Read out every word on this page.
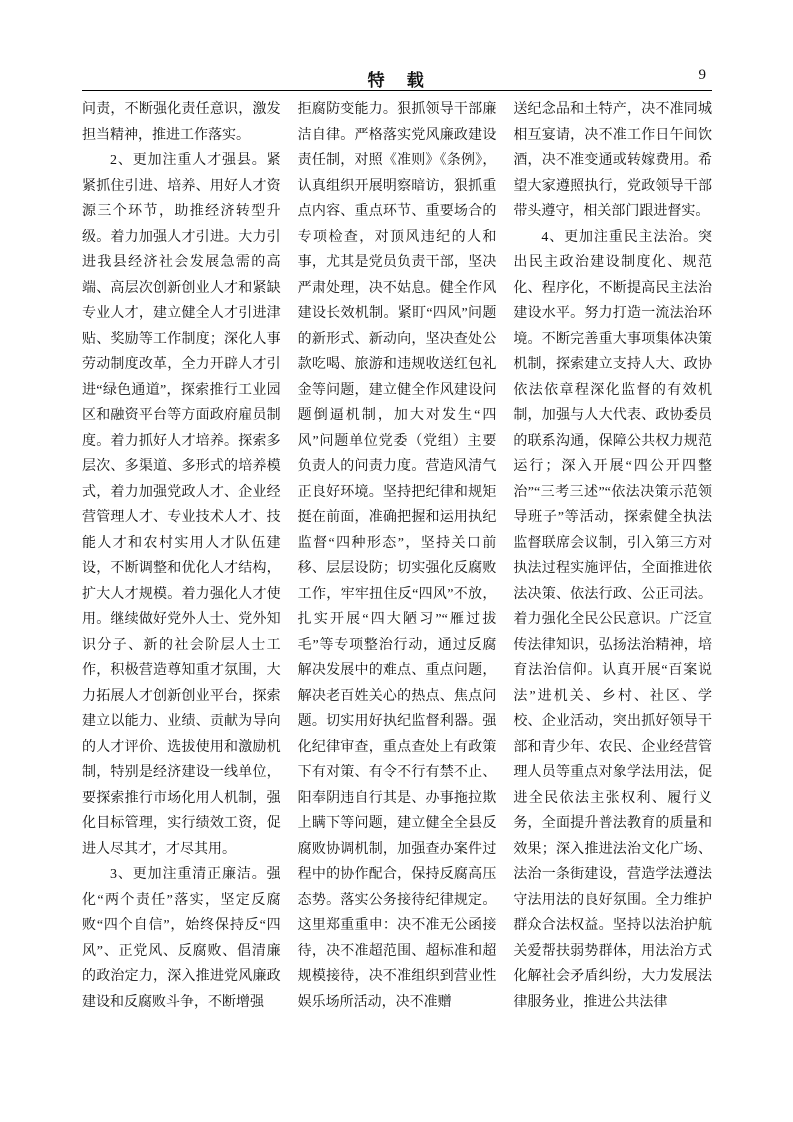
特　载	9

问责，不断强化责任意识，激发担当精神，推进工作落实。

2、更加注重人才强县。紧紧抓住引进、培养、用好人才资源三个环节，助推经济转型升级。着力加强人才引进。大力引进我县经济社会发展急需的高端、高层次创新创业人才和紧缺专业人才，建立健全人才引进津贴、奖励等工作制度；深化人事劳动制度改革，全力开辟人才引进“绿色通道”，探索推行工业园区和融资平台等方面政府雇员制度。着力抓好人才培养。探索多层次、多渠道、多形式的培养模式，着力加强党政人才、企业经营管理人才、专业技术人才、技能人才和农村实用人才队伍建设，不断调整和优化人才结构，扩大人才规模。着力强化人才使用。继续做好党外人士、党外知识分子、新的社会阶层人士工作，积极营造尊知重才氛围，大力拓展人才创新创业平台，探索建立以能力、业绩、贡献为导向的人才评价、选拔使用和激励机制，特别是经济建设一线单位，要探索推行市场化用人机制，强化目标管理，实行绩效工资，促进人尽其才，才尽其用。

3、更加注重清正廉洁。强化“两个责任”落实，坚定反腐败“四个自信”，始终保持反“四风”、正党风、反腐败、倡清廉的政治定力，深入推进党风廉政建设和反腐败斗争，不断增强

拒腐防变能力。狠抓领导干部廉洁自律。严格落实党风廉政建设责任制，对照《准则》《条例》，认真组织开展明察暗访，狠抓重点内容、重点环节、重要场合的专项检查，对顶风违纪的人和事，尤其是党员负责干部，坚决严肃处理，决不姑息。健全作风建设长效机制。紧盯“四风”问题的新形式、新动向，坚决查处公款吃喝、旅游和违规收送红包礼金等问题，建立健全作风建设问题倒逼机制，加大对发生“四风”问题单位党委（党组）主要负责人的问责力度。营造风清气正良好环境。坚持把纪律和规矩挺在前面，准确把握和运用执纪监督“四种形态”，坚持关口前移、层层设防；切实强化反腐败工作，牢牢扭住反“四风”不放，扎实开展“四大陋习”“雁过拔毛”等专项整治行动，通过反腐解决发展中的难点、重点问题，解决老百姓关心的热点、焦点问题。切实用好执纪监督利器。强化纪律审查，重点查处上有政策下有对策、有令不行有禁不止、阳奉阴违自行其是、办事拖拉欺上瞒下等问题，建立健全全县反腐败协调机制，加强查办案件过程中的协作配合，保持反腐高压态势。落实公务接待纪律规定。这里郑重重申：决不准无公函接待，决不准超范围、超标准和超规模接待，决不准组织到营业性娱乐场所活动，决不准赠

送纪念品和土特产，决不准同城相互宴请，决不准工作日午间饮酒，决不准变通或转嫁费用。希望大家遵照执行，党政领导干部带头遵守，相关部门跟进督实。

4、更加注重民主法治。突出民主政治建设制度化、规范化、程序化，不断提高民主法治建设水平。努力打造一流法治环境。不断完善重大事项集体决策机制，探索建立支持人大、政协依法依章程深化监督的有效机制，加强与人大代表、政协委员的联系沟通，保障公共权力规范运行；深入开展“四公开四整治”“三考三述”“依法决策示范领导班子”等活动，探索健全执法监督联席会议制，引入第三方对执法过程实施评估，全面推进依法决策、依法行政、公正司法。着力强化全民公民意识。广泛宣传法律知识，弘扬法治精神，培育法治信仰。认真开展“百案说法”进机关、乡村、社区、学校、企业活动，突出抓好领导干部和青少年、农民、企业经营管理人员等重点对象学法用法，促进全民依法主张权利、履行义务，全面提升普法教育的质量和效果；深入推进法治文化广场、法治一条街建设，营造学法遵法守法用法的良好氛围。全力维护群众合法权益。坚持以法治护航关爱帮扶弱势群体，用法治方式化解社会矛盾纠纷，大力发展法律服务业，推进公共法律
